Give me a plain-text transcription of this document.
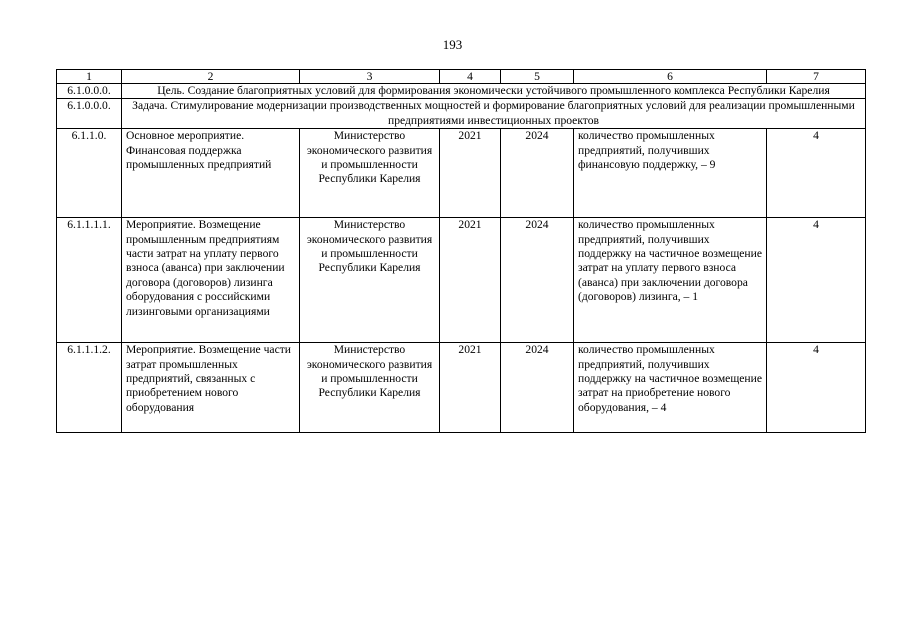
193
1	2	3	4	5	6	7
6.1.0.0.0.	Цель. Создание благоприятных условий для формирования экономически устойчивого промышленного комплекса Республики Карелия					
6.1.0.0.0.	Задача. Стимулирование модернизации производственных мощностей и формирование благоприятных условий для реализации промышленными предприятиями инвестиционных проектов					
6.1.1.0.	Основное мероприятие. Финансовая поддержка промышленных предприятий	Министерство экономического развития и промышленности Республики Карелия	2021	2024	количество промышленных предприятий, получивших финансовую поддержку, – 9	4
6.1.1.1.1.	Мероприятие. Возмещение промышленным предприятиям части затрат на уплату первого взноса (аванса) при заключении договора (договоров) лизинга оборудования с российскими лизинговыми организациями	Министерство экономического развития и промышленности Республики Карелия	2021	2024	количество промышленных предприятий, получивших поддержку на частичное возмещение затрат на уплату первого взноса (аванса) при заключении договора (договоров) лизинга, – 1	4
6.1.1.1.2.	Мероприятие. Возмещение части затрат промышленных предприятий, связанных с приобретением нового оборудования	Министерство экономического развития и промышленности Республики Карелия	2021	2024	количество промышленных предприятий, получивших поддержку на частичное возмещение затрат на приобретение нового оборудования, – 4	4
